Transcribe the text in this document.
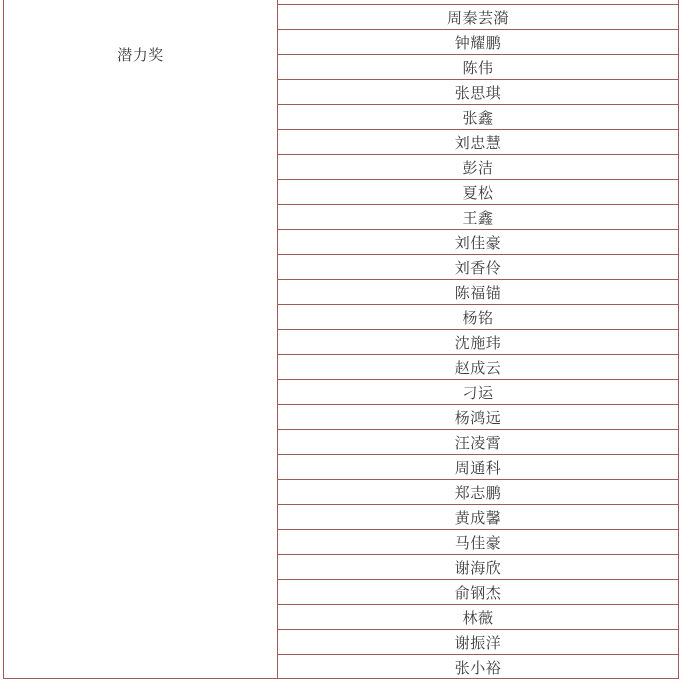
潜力奖
周秦芸漪
钟耀鹏
陈伟
张思琪
张鑫
刘忠慧
彭洁
夏松
王鑫
刘佳豪
刘香伶
陈福锚
杨铭
沈施玮
赵成云
刁运
杨鸿远
汪凌霄
周通科
郑志鹏
黄成馨
马佳豪
谢海欣
俞钢杰
林薇
谢振洋
张小裕
